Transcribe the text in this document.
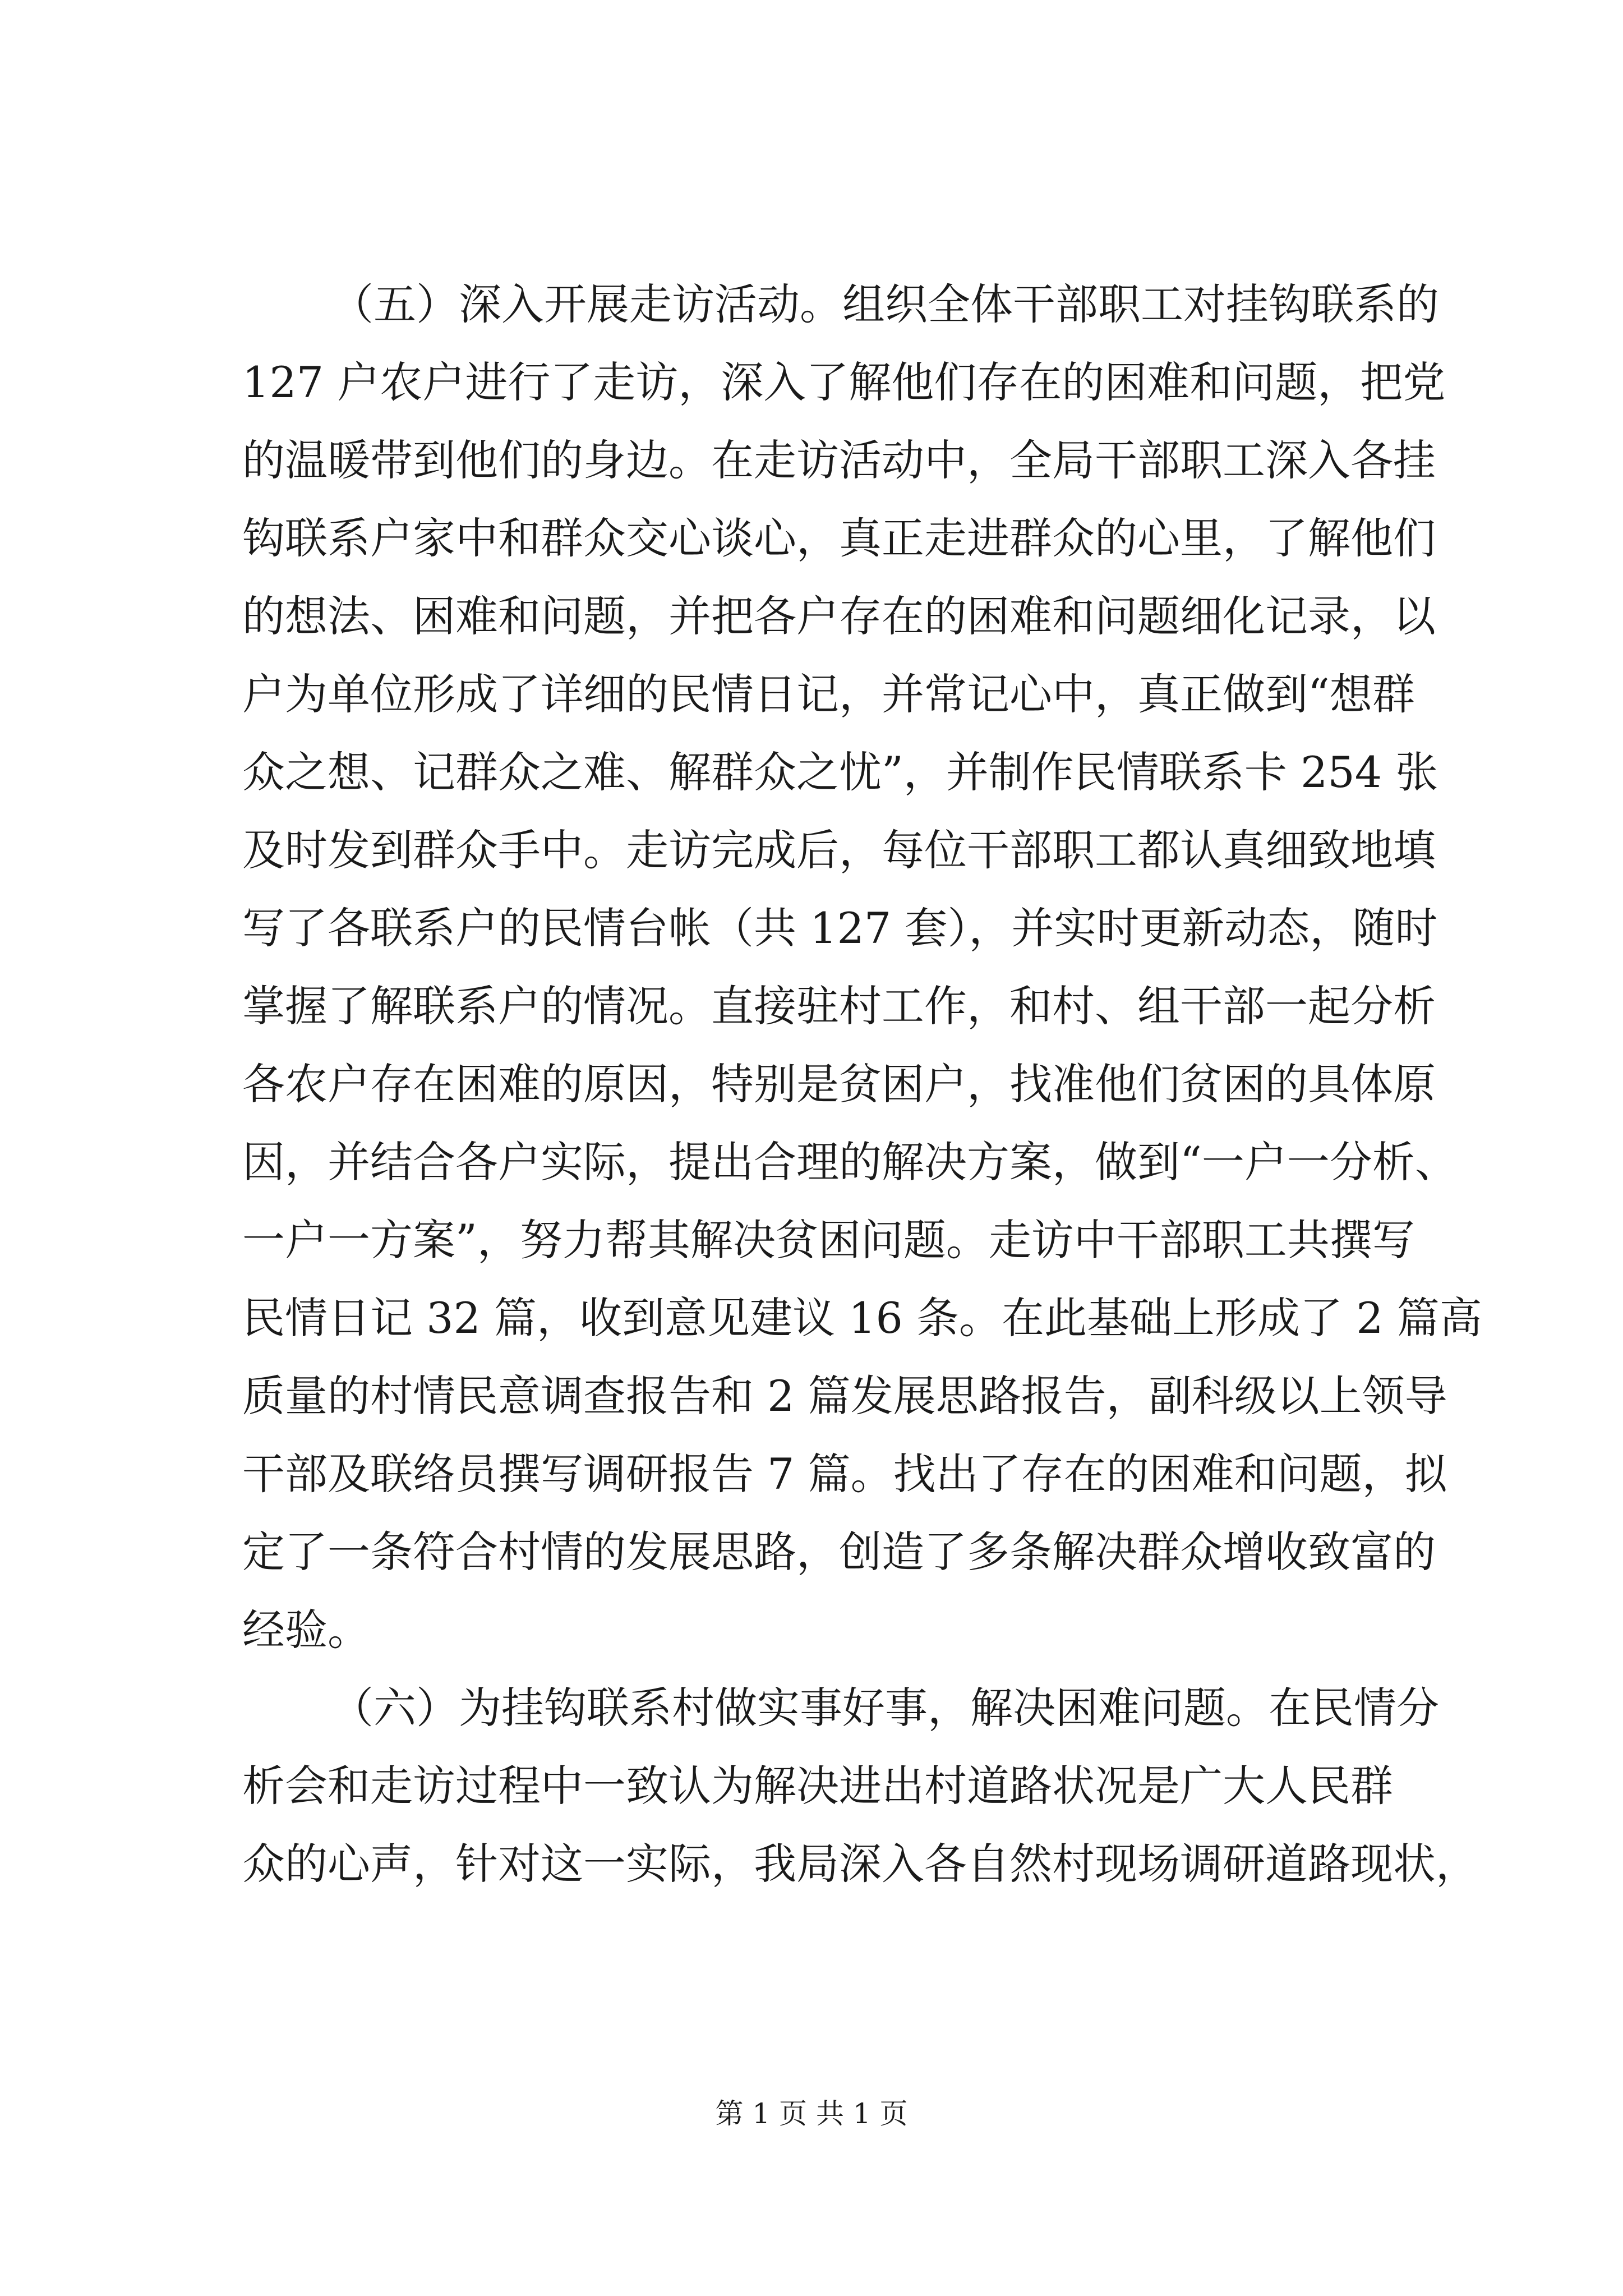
（五）深入开展走访活动。组织全体干部职工对挂钩联系的
127 户农户进行了走访，深入了解他们存在的困难和问题，把党
的温暖带到他们的身边。在走访活动中，全局干部职工深入各挂
钩联系户家中和群众交心谈心，真正走进群众的心里，了解他们
的想法、困难和问题，并把各户存在的困难和问题细化记录，以
户为单位形成了详细的民情日记，并常记心中，真正做到“想群
众之想、记群众之难、解群众之忧”，并制作民情联系卡 254 张
及时发到群众手中。走访完成后，每位干部职工都认真细致地填
写了各联系户的民情台帐（共 127 套），并实时更新动态，随时
掌握了解联系户的情况。直接驻村工作，和村、组干部一起分析
各农户存在困难的原因，特别是贫困户，找准他们贫困的具体原
因，并结合各户实际，提出合理的解决方案，做到“一户一分析、
一户一方案”，努力帮其解决贫困问题。走访中干部职工共撰写
民情日记 32 篇，收到意见建议 16 条。在此基础上形成了 2 篇高
质量的村情民意调查报告和 2 篇发展思路报告，副科级以上领导
干部及联络员撰写调研报告 7 篇。找出了存在的困难和问题，拟
定了一条符合村情的发展思路，创造了多条解决群众增收致富的
经验。
（六）为挂钩联系村做实事好事，解决困难问题。在民情分
析会和走访过程中一致认为解决进出村道路状况是广大人民群
众的心声，针对这一实际，我局深入各自然村现场调研道路现状，
第 1 页 共 1 页
